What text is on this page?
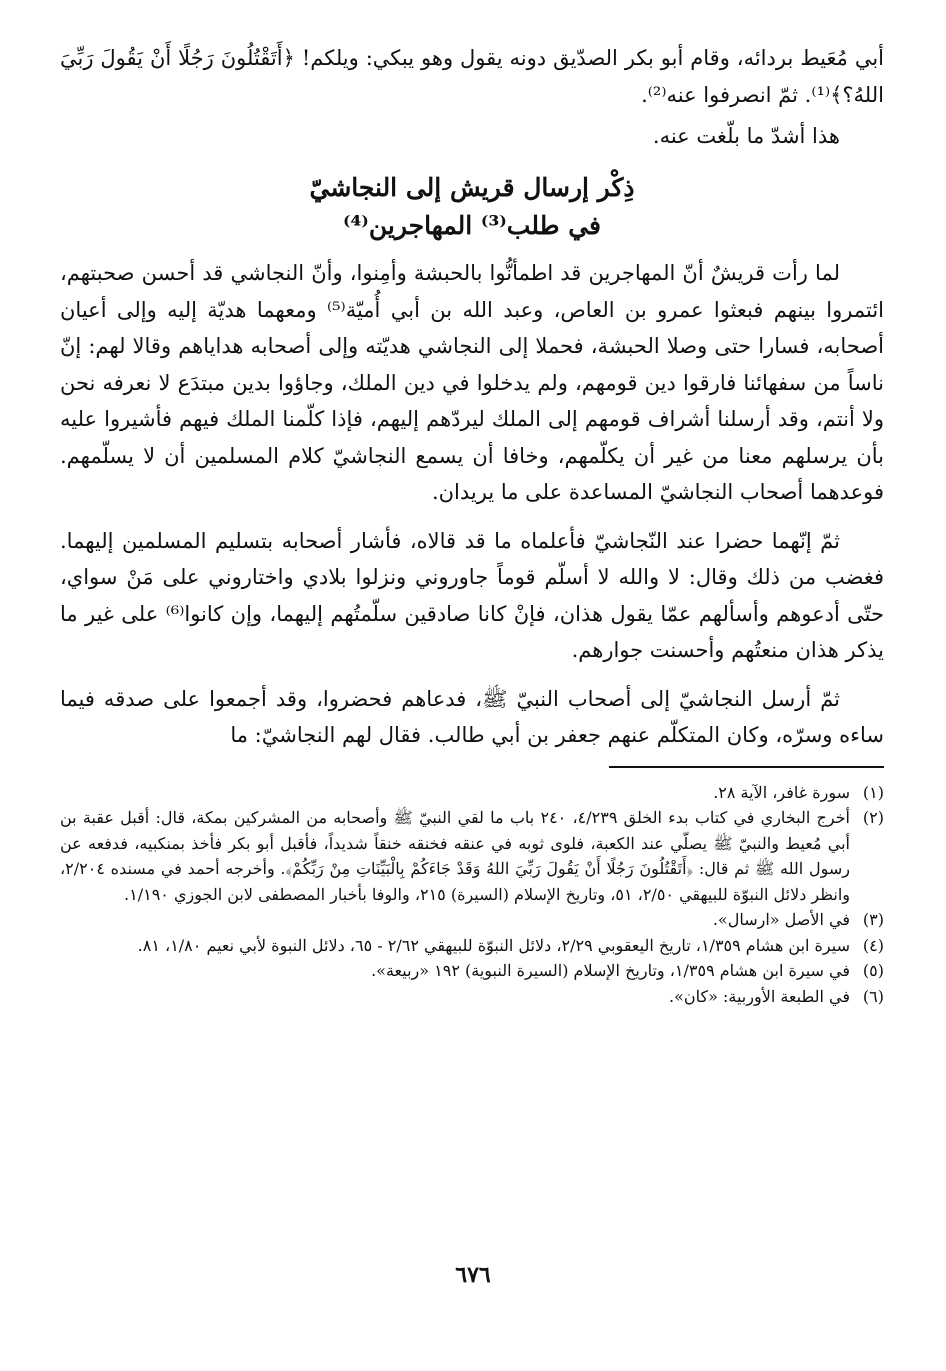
أبي مُعَيط بردائه، وقام أبو بكر الصدّيق دونه يقول وهو يبكي: ويلكم! ﴿أَتَقْتُلُونَ رَجُلًا أَنْ يَقُولَ رَبِّيَ اللهُ؟﴾⁽¹⁾. ثمّ انصرفوا عنه⁽²⁾.

هذا أشدّ ما بلّغت عنه.

ذِكْر إرسال قريش إلى النجاشيّ
في طلب⁽³⁾ المهاجرين⁽⁴⁾

لما رأت قريشٌ أنّ المهاجرين قد اطمأنُّوا بالحبشة وأمِنوا، وأنّ النجاشي قد أحسن صحبتهم، ائتمروا بينهم فبعثوا عمرو بن العاص، وعبد الله بن أبي أُميّة⁽⁵⁾ ومعهما هديّة إليه وإلى أعيان أصحابه، فسارا حتى وصلا الحبشة، فحملا إلى النجاشي هديّته وإلى أصحابه هداياهم وقالا لهم: إنّ ناساً من سفهائنا فارقوا دين قومهم، ولم يدخلوا في دين الملك، وجاؤوا بدين مبتدَع لا نعرفه نحن ولا أنتم، وقد أرسلنا أشراف قومهم إلى الملك ليردّهم إليهم، فإذا كلّمنا الملك فيهم فأشيروا عليه بأن يرسلهم معنا من غير أن يكلّمهم، وخافا أن يسمع النجاشيّ كلام المسلمين أن لا يسلّمهم. فوعدهما أصحاب النجاشيّ المساعدة على ما يريدان.

ثمّ إنّهما حضرا عند النّجاشيّ فأعلماه ما قد قالاه، فأشار أصحابه بتسليم المسلمين إليهما. فغضب من ذلك وقال: لا والله لا أسلّم قوماً جاوروني ونزلوا بلادي واختاروني على مَنْ سواي، حتّى أدعوهم وأسألهم عمّا يقول هذان، فإنْ كانا صادقين سلّمتُهم إليهما، وإن كانوا⁽⁶⁾ على غير ما يذكر هذان منعتُهم وأحسنت جوارهم.

ثمّ أرسل النجاشيّ إلى أصحاب النبيّ ﷺ، فدعاهم فحضروا، وقد أجمعوا على صدقه فيما ساءه وسرّه، وكان المتكلّم عنهم جعفر بن أبي طالب. فقال لهم النجاشيّ: ما

(١)
سورة غافر، الآية ٢٨.
(٢)
أخرج البخاري في كتاب بدء الخلق ٤/٢٣٩، ٢٤٠ باب ما لقي النبيّ ﷺ وأصحابه من المشركين بمكة، قال: أقبل عقبة بن أبي مُعيط والنبيّ ﷺ يصلّي عند الكعبة، فلوى ثوبه في عنقه فخنقه خنقاً شديداً، فأقبل أبو بكر فأخذ بمنكبيه، فدفعه عن رسول الله ﷺ ثم قال: ﴿أَتَقْتُلُونَ رَجُلًا أَنْ يَقُولَ رَبِّيَ اللهُ وَقَدْ جَاءَكُمْ بِالْبَيِّنَاتِ مِنْ رَبِّكُمْ﴾. وأخرجه أحمد في مسنده ٢/٢٠٤، وانظر دلائل النبوّة للبيهقي ٢/٥٠، ٥١، وتاريخ الإسلام (السيرة) ٢١٥، والوفا بأخبار المصطفى لابن الجوزي ١/١٩٠.
(٣)
في الأصل «ارسال».
(٤)
سيرة ابن هشام ١/٣٥٩، تاريخ اليعقوبي ٢/٢٩، دلائل النبوّة للبيهقي ٢/٦٢ - ٦٥، دلائل النبوة لأبي نعيم ١/٨٠، ٨١.
(٥)
في سيرة ابن هشام ١/٣٥٩، وتاريخ الإسلام (السيرة النبوية) ١٩٢ «ربيعة».
(٦)
في الطبعة الأوربية: «كان».
٦٧٦
